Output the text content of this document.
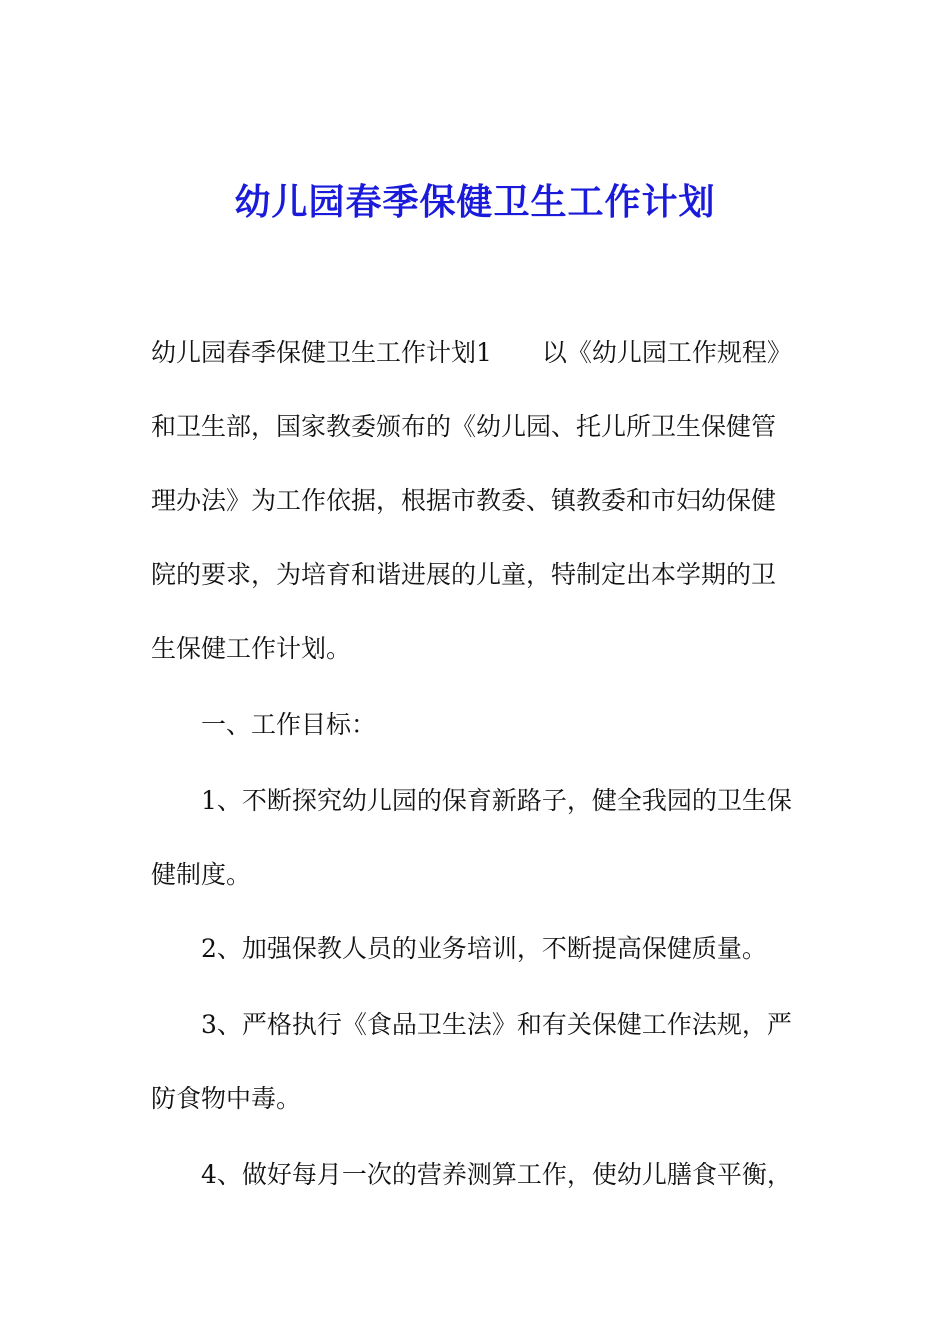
幼儿园春季保健卫生工作计划
幼儿园春季保健卫生工作计划1　　以《幼儿园工作规程》
和卫生部，国家教委颁布的《幼儿园、托儿所卫生保健管
理办法》为工作依据，根据市教委、镇教委和市妇幼保健
院的要求，为培育和谐进展的儿童，特制定出本学期的卫
生保健工作计划。
一、工作目标：
1、不断探究幼儿园的保育新路子，健全我园的卫生保
健制度。
2、加强保教人员的业务培训，不断提高保健质量。
3、严格执行《食品卫生法》和有关保健工作法规，严
防食物中毒。
4、做好每月一次的营养测算工作，使幼儿膳食平衡，
